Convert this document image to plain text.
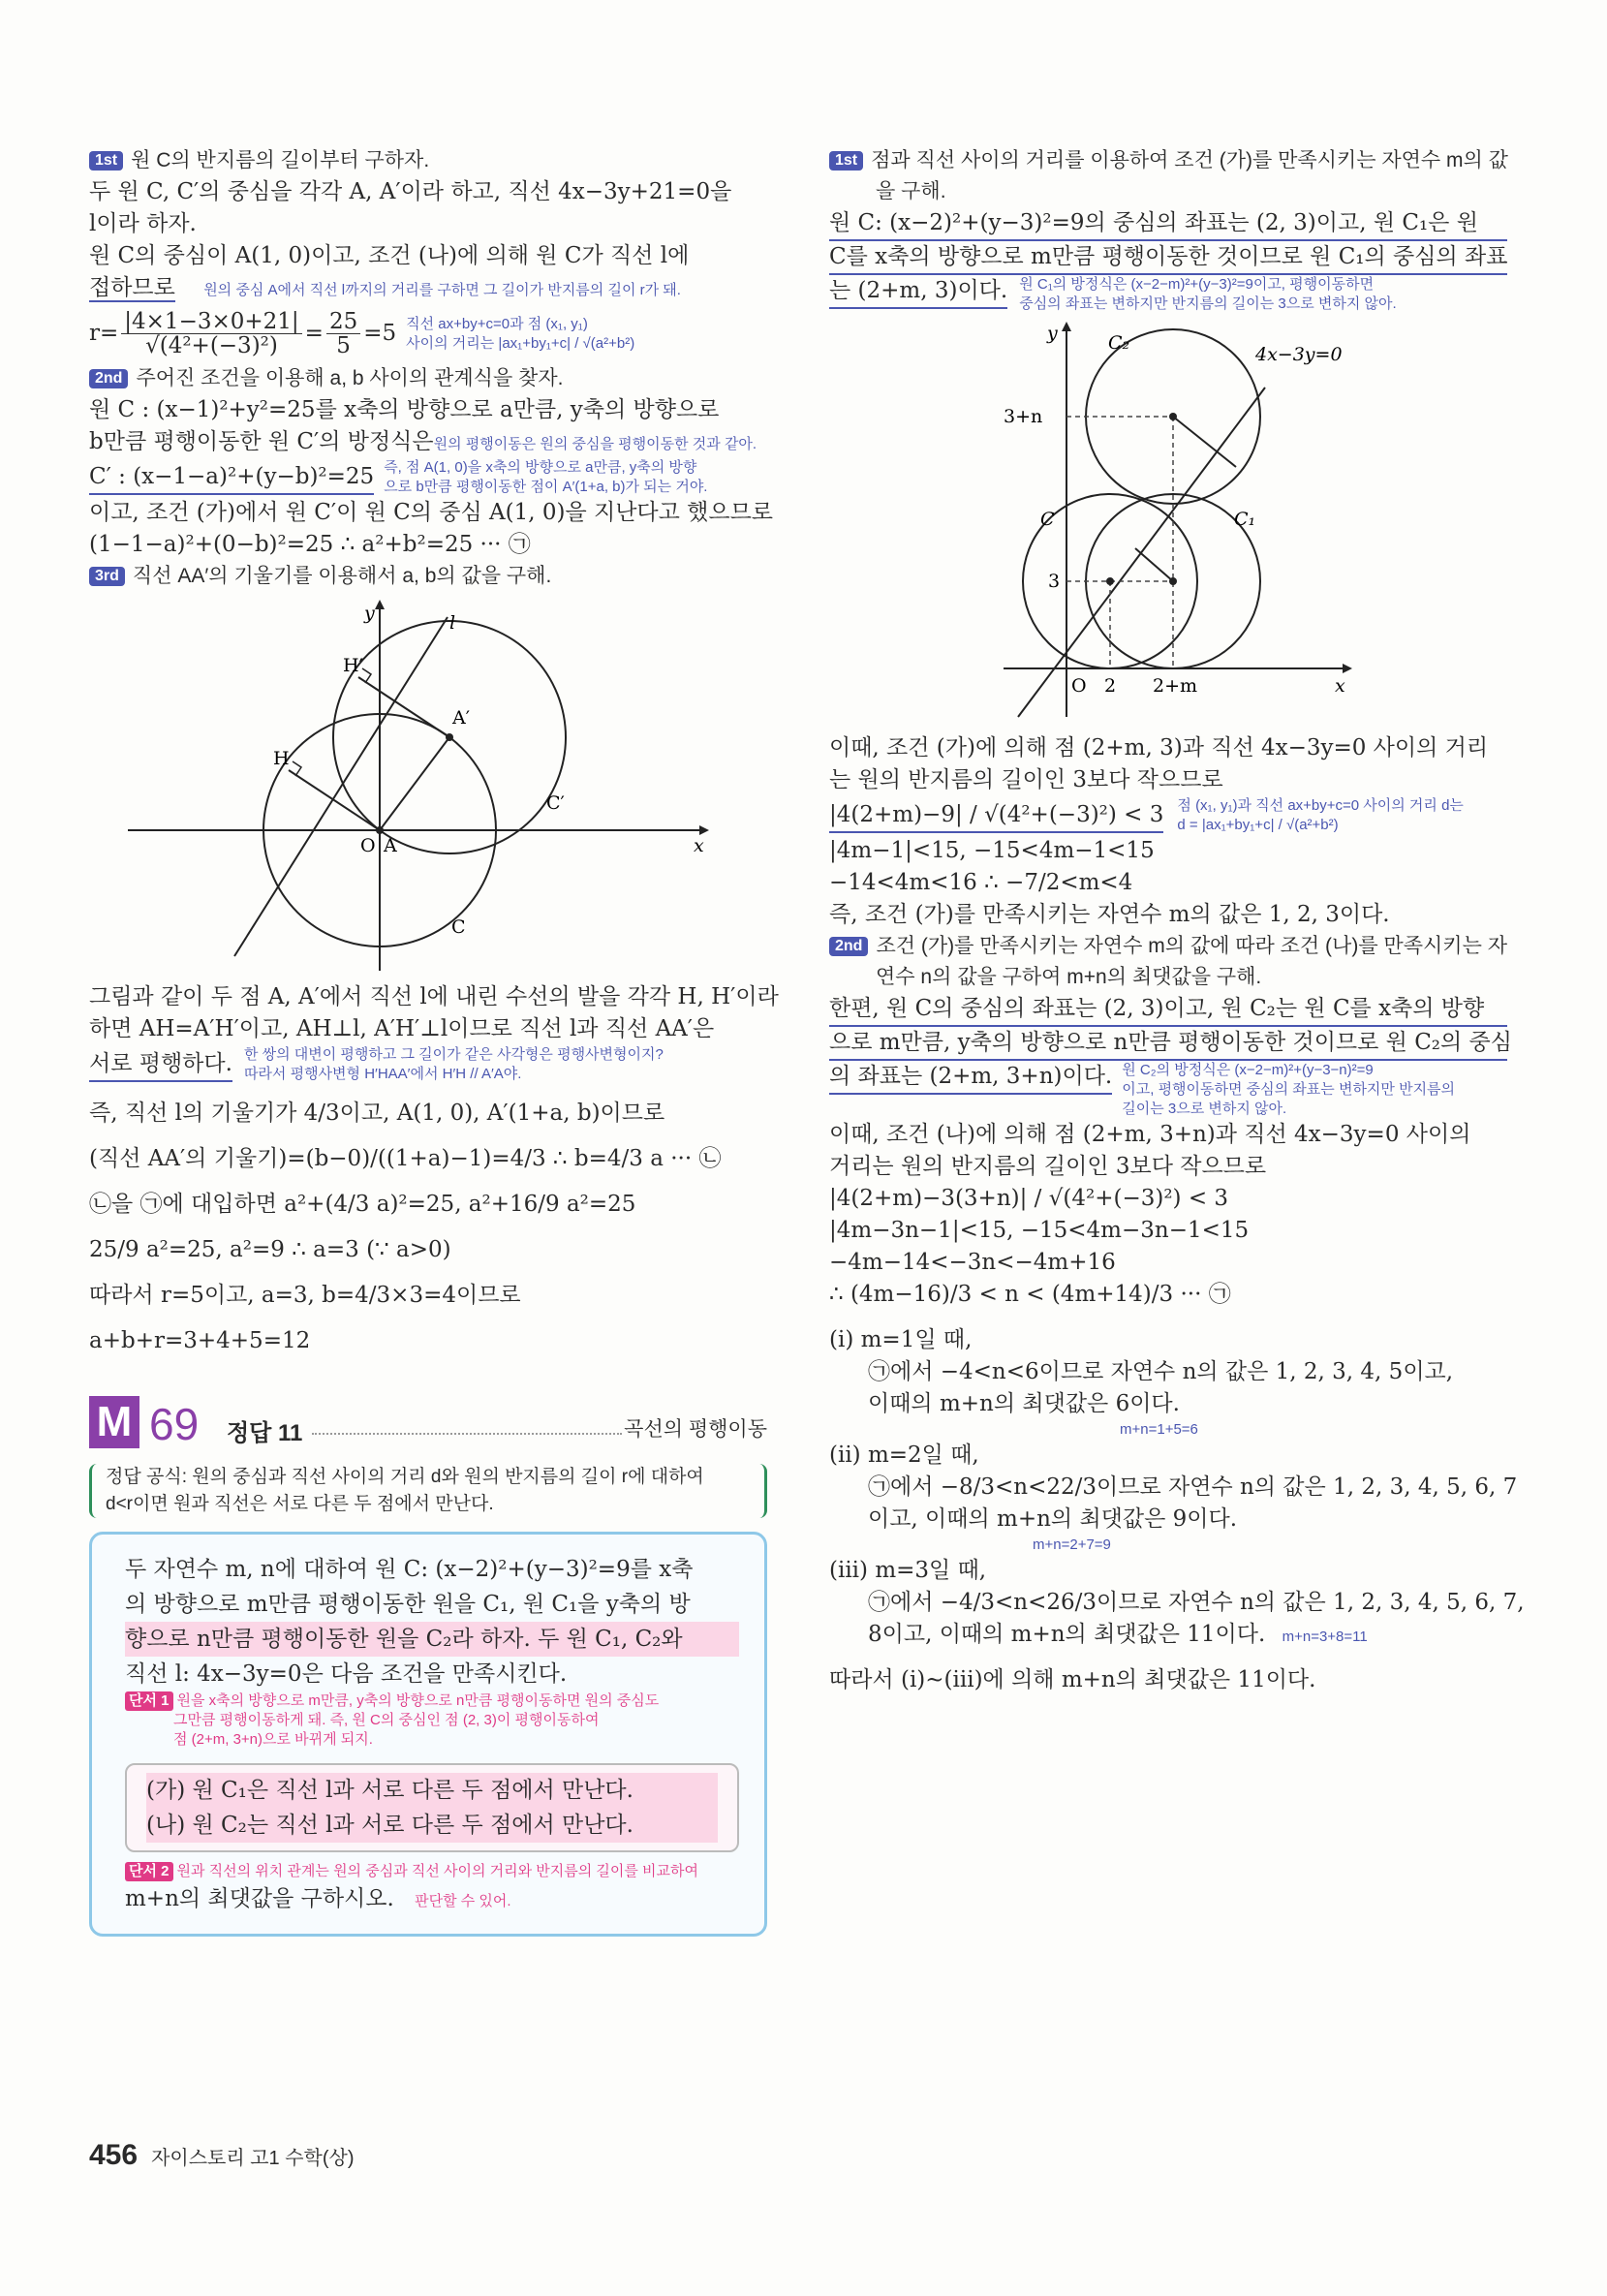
1st 원 C의 반지름의 길이부터 구하자.
두 원 C, C′의 중심을 각각 A, A′이라 하고, 직선 4x−3y+21=0을
l이라 하자.
원 C의 중심이 A(1, 0)이고, 조건 (나)에 의해 원 C가 직선 l에
접하므로 원의 중심 A에서 직선 l까지의 거리를 구하면 그 길이가 반지름의 길이 r가 돼.
$r= \frac{|4\times 1-3\times 0+21|}{\text{√(4²+(−3)²)}} = \frac{25}{5} =5$ 직선 ax+by+c=0과 점 (x₁, y₁)
사이의 거리는 |ax₁+by₁+c| / √(a²+b²)
2nd 주어진 조건을 이용해 a, b 사이의 관계식을 찾자.
원 C : (x−1)²+y²=25를 x축의 방향으로 a만큼, y축의 방향으로
b만큼 평행이동한 원 C′의 방정식은원의 평행이동은 원의 중심을 평행이동한 것과 같아.
C′ : (x−1−a)²+(y−b)²=25 즉, 점 A(1, 0)을 x축의 방향으로 a만큼, y축의 방향
으로 b만큼 평행이동한 점이 A′(1+a, b)가 되는 거야.
이고, 조건 (가)에서 원 C′이 원 C의 중심 A(1, 0)을 지난다고 했으므로
(1−1−a)²+(0−b)²=25 ∴ a²+b²=25 ··· ㉠
3rd 직선 AA′의 기울기를 이용해서 a, b의 값을 구해.
y	l
H′
H
A′
C′
O A	x
C
그림과 같이 두 점 A, A′에서 직선 l에 내린 수선의 발을 각각 H, H′이라
하면 AH=A′H′이고, AH⊥l, A′H′⊥l이므로 직선 l과 직선 AA′은
서로 평행하다. 한 쌍의 대변이 평행하고 그 길이가 같은 사각형은 평행사변형이지?
따라서 평행사변형 H′HAA′에서 H′H // A′A야.
즉, 직선 l의 기울기가 4/3이고, A(1, 0), A′(1+a, b)이므로
(직선 AA′의 기울기)=(b−0)/((1+a)−1)=4/3 ∴ b=4/3 a ··· ㉡
㉡을 ㉠에 대입하면 a²+(4/3 a)²=25, a²+16/9 a²=25
25/9 a²=25, a²=9 ∴ a=3 (∵ a>0)
따라서 r=5이고, a=3, b=4/3×3=4이므로
a+b+r=3+4+5=12
M 69 정답 11	곡선의 평행이동
정답 공식: 원의 중심과 직선 사이의 거리 d와 원의 반지름의 길이 r에 대하여
d<r이면 원과 직선은 서로 다른 두 점에서 만난다.
두 자연수 m, n에 대하여 원 C: (x−2)²+(y−3)²=9를 x축
의 방향으로 m만큼 평행이동한 원을 C₁, 원 C₁을 y축의 방
향으로 n만큼 평행이동한 원을 C₂라 하자. 두 원 C₁, C₂와
직선 l: 4x−3y=0은 다음 조건을 만족시킨다.
단서 1 원을 x축의 방향으로 m만큼, y축의 방향으로 n만큼 평행이동하면 원의 중심도
그만큼 평행이동하게 돼. 즉, 원 C의 중심인 점 (2, 3)이 평행이동하여
점 (2+m, 3+n)으로 바뀌게 되지.
(가) 원 C₁은 직선 l과 서로 다른 두 점에서 만난다.
(나) 원 C₂는 직선 l과 서로 다른 두 점에서 만난다.
단서 2 원과 직선의 위치 관계는 원의 중심과 직선 사이의 거리와 반지름의 길이를 비교하여
m+n의 최댓값을 구하시오. 판단할 수 있어.
1st 점과 직선 사이의 거리를 이용하여 조건 (가)를 만족시키는 자연수 m의 값
을 구해.
원 C: (x−2)²+(y−3)²=9의 중심의 좌표는 (2, 3)이고, 원 C₁은 원
C를 x축의 방향으로 m만큼 평행이동한 것이므로 원 C₁의 중심의 좌표
는 (2+m, 3)이다. 원 C₁의 방정식은 (x−2−m)²+(y−3)²=9이고, 평행이동하면
중심의 좌표는 변하지만 반지름의 길이는 3으로 변하지 않아.
y	C₂
4x−3y=0
3+n
C	C₁
3
O 2 2+m	x
이때, 조건 (가)에 의해 점 (2+m, 3)과 직선 4x−3y=0 사이의 거리
는 원의 반지름의 길이인 3보다 작으므로
|4(2+m)−9| / √(4²+(−3)²) < 3 점 (x₁, y₁)과 직선 ax+by+c=0 사이의 거리 d는
d = |ax₁+by₁+c| / √(a²+b²)
|4m−1|<15, −15<4m−1<15
−14<4m<16 ∴ −7/2<m<4
즉, 조건 (가)를 만족시키는 자연수 m의 값은 1, 2, 3이다.
2nd 조건 (가)를 만족시키는 자연수 m의 값에 따라 조건 (나)를 만족시키는 자
연수 n의 값을 구하여 m+n의 최댓값을 구해.
한편, 원 C의 중심의 좌표는 (2, 3)이고, 원 C₂는 원 C를 x축의 방향
으로 m만큼, y축의 방향으로 n만큼 평행이동한 것이므로 원 C₂의 중심
의 좌표는 (2+m, 3+n)이다. 원 C₂의 방정식은 (x−2−m)²+(y−3−n)²=9
이고, 평행이동하면 중심의 좌표는 변하지만 반지름의
길이는 3으로 변하지 않아.
이때, 조건 (나)에 의해 점 (2+m, 3+n)과 직선 4x−3y=0 사이의
거리는 원의 반지름의 길이인 3보다 작으므로
|4(2+m)−3(3+n)| / √(4²+(−3)²) < 3
|4m−3n−1|<15, −15<4m−3n−1<15
−4m−14<−3n<−4m+16
∴ (4m−16)/3 < n < (4m+14)/3 ··· ㉠
(i) m=1일 때,
㉠에서 −4<n<6이므로 자연수 n의 값은 1, 2, 3, 4, 5이고,
이때의 m+n의 최댓값은 6이다.
m+n=1+5=6
(ii) m=2일 때,
㉠에서 −8/3<n<22/3이므로 자연수 n의 값은 1, 2, 3, 4, 5, 6, 7
이고, 이때의 m+n의 최댓값은 9이다.
m+n=2+7=9
(iii) m=3일 때,
㉠에서 −4/3<n<26/3이므로 자연수 n의 값은 1, 2, 3, 4, 5, 6, 7,
8이고, 이때의 m+n의 최댓값은 11이다. m+n=3+8=11
따라서 (i)∼(iii)에 의해 m+n의 최댓값은 11이다.
456 자이스토리 고1 수학(상)
